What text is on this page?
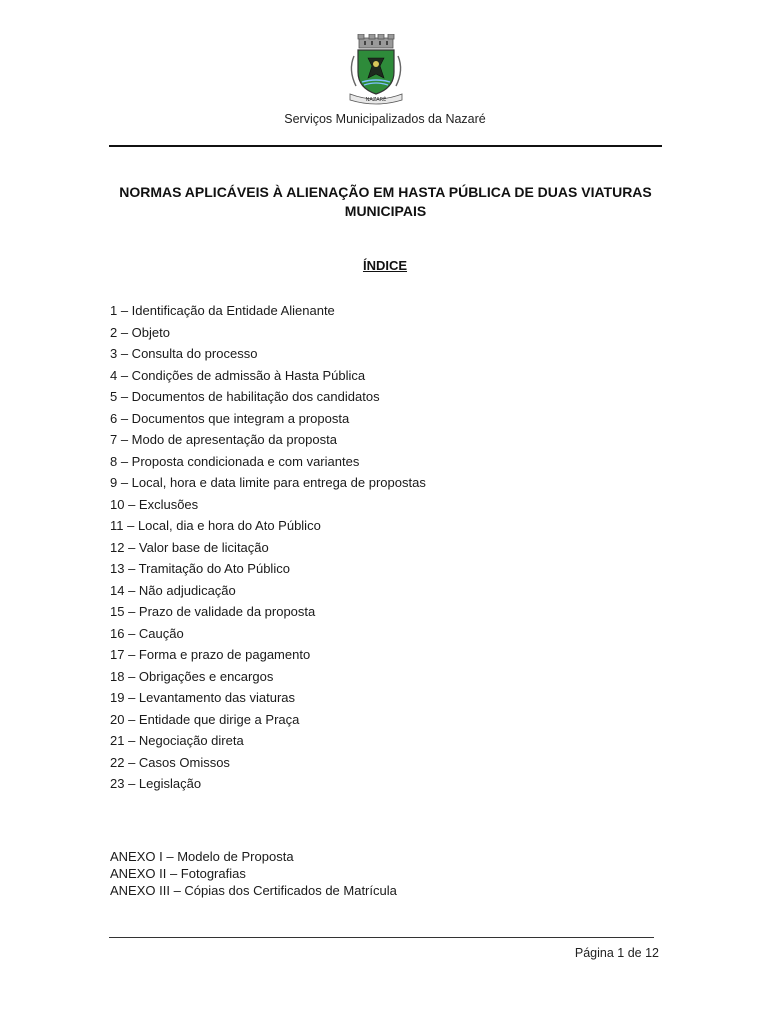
NAZARÉ
Serviços Municipalizados da Nazaré
NORMAS APLICÁVEIS À ALIENAÇÃO EM HASTA PÚBLICA DE DUAS VIATURAS
MUNICIPAIS
ÍNDICE
1 – Identificação da Entidade Alienante
2 – Objeto
3 – Consulta do processo
4 – Condições de admissão à Hasta Pública
5 – Documentos de habilitação dos candidatos
6 – Documentos que integram a proposta
7 – Modo de apresentação da proposta
8 – Proposta condicionada e com variantes
9 – Local, hora e data limite para entrega de propostas
10 – Exclusões
11 – Local, dia e hora do Ato Público
12 – Valor base de licitação
13 – Tramitação do Ato Público
14 – Não adjudicação
15 – Prazo de validade da proposta
16 – Caução
17 – Forma e prazo de pagamento
18 – Obrigações e encargos
19 – Levantamento das viaturas
20 – Entidade que dirige a Praça
21 – Negociação direta
22 – Casos Omissos
23 – Legislação
ANEXO I – Modelo de Proposta
ANEXO II – Fotografias
ANEXO III – Cópias dos Certificados de Matrícula
Página 1 de 12
